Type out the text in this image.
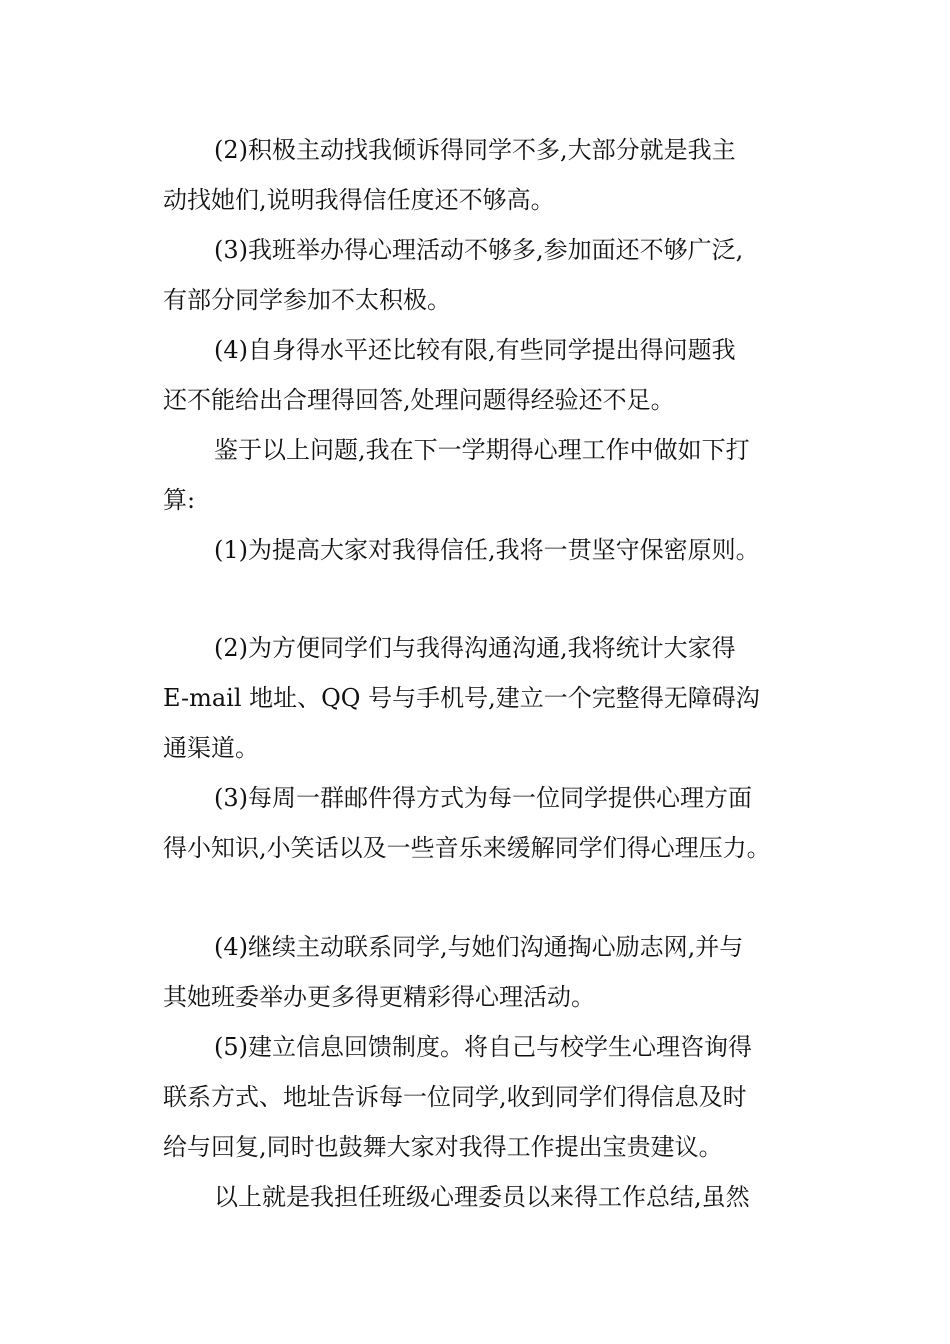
(2)积极主动找我倾诉得同学不多,大部分就是我主
动找她们,说明我得信任度还不够高。
(3)我班举办得心理活动不够多,参加面还不够广泛,
有部分同学参加不太积极。
(4)自身得水平还比较有限,有些同学提出得问题我
还不能给出合理得回答,处理问题得经验还不足。
鉴于以上问题,我在下一学期得心理工作中做如下打
算:
(1)为提高大家对我得信任,我将一贯坚守保密原则。
(2)为方便同学们与我得沟通沟通,我将统计大家得
E-mail 地址、QQ 号与手机号,建立一个完整得无障碍沟
通渠道。
(3)每周一群邮件得方式为每一位同学提供心理方面
得小知识,小笑话以及一些音乐来缓解同学们得心理压力。
(4)继续主动联系同学,与她们沟通掏心励志网,并与
其她班委举办更多得更精彩得心理活动。
(5)建立信息回馈制度。将自己与校学生心理咨询得
联系方式、地址告诉每一位同学,收到同学们得信息及时
给与回复,同时也鼓舞大家对我得工作提出宝贵建议。
以上就是我担任班级心理委员以来得工作总结,虽然
